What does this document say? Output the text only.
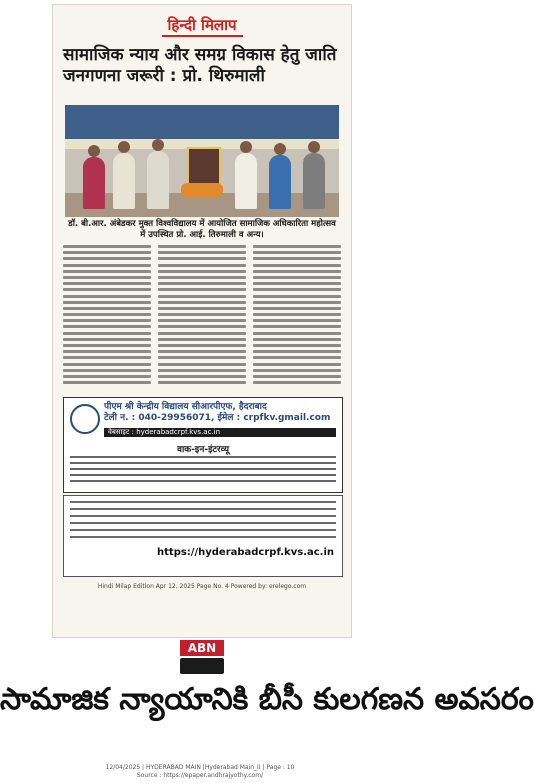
సామాజిక న్యాయానికి బీసీ కులగణన అవసరం
ABN
हिन्दी मिलाप
सामाजिक न्याय और समग्र विकास हेतु जाति जनगणना जरूरी : प्रो. थिरुमाली
डॉ. बी.आर. अंबेडकर मुक्त विश्वविद्यालय में आयोजित सामाजिक अधिकारिता महोत्सव में उपस्थित प्रो. आई. तिरुमाली व अन्य।
पीएम श्री केन्द्रीय विद्यालय सीआरपीएफ, हैदराबाद
टेली न. : 040-29956071, ईमेल : crpfkv.gmail.com
वेबसाइट : hyderabadcrpf.kvs.ac.in
वाक-इन-इंटरव्यू
https://hyderabadcrpf.kvs.ac.in
Hindi Milap Edition Apr 12, 2025 Page No. 4 Powered by: erelego.com
12/04/2025 | HYDERABAD MAIN |Hyderabad Main_II | Page : 10
Source : https://epaper.andhrajyothy.com/
